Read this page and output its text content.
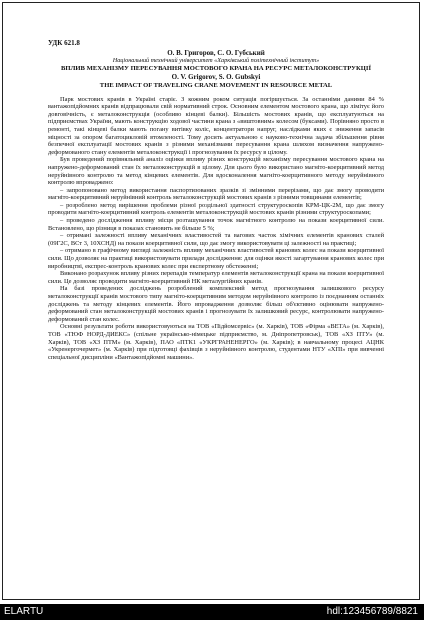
УДК 621.8
О. В. Григоров, С. О. Губський
Національний технічний університет «Харківський політехнічний інститут»
ВПЛИВ МЕХАНІЗМУ ПЕРЕСУВАННЯ МОСТОВОГО КРАНА НА РЕСУРС МЕТАЛОКОНСТРУКЦІЇ
O. V. Grigorov, S. O. Gubskyi
THE IMPACT OF TRAVELING CRANE MOVEMENT IN RESOURCE METAL

Парк мостових кранів в Україні старіє. З кожним роком ситуація погіршується. За останніми даними 84 % вантажопідйомних кранів відпрацювали свій нормативний строк. Основним елементом мостового крана, що лімітує його довговічність, є металоконструкція (особливо кінцеві балки). Більшість мостових кранів, що експлуатуються на підприємствах України, мають конструкцію ходової частини крана з «виштовним» колесом (буксами). Порівняно просто в ремонті, такі кінцеві балки мають погану витівку коліс, концентратори напруг, наслідками яких є зниження запасів міцності за опором багатоцикловій втомленості. Тому досить актуальною є науково-технічна задача збільшення рівня безпечної експлуатації мостових кранів з різними механізмами пересування крана шляхом визначення напружено-деформованого стану елементів металоконструкції і прогнозування їх ресурсу в цілому.

Був проведений порівняльний аналіз оцінки впливу різних конструкцій механізму пересування мостового крана на напружено-деформований стан їх металоконструкцій в цілому. Для цього було використано магніто-коерцитивний метод неруйнівного контролю та метод кінцевих елементів. Для вдосконалення магніто-коерцитивного методу неруйнівного контролю впроваджено:

– запропоновано метод використання паспортизованих зразків зі змінними перерізами, що дає змогу проводити магніто-коерцитивний неруйнівний контроль металоконструкцій мостових кранів з різними товщинами елементів;

– розроблено метод вирішення проблеми різної роздільної здатності структуроскопів КРМ-ЦК-2М, що дає змогу проводити магніто-коерцитивний контроль елементів металоконструкцій мостових кранів різними структуроскопами;

– проведено дослідження впливу місця розташування точок магнітного контролю на покази коерцитивної сили. Встановлено, що різниця в показах становить не більше 5 %;

– отримані залежності впливу механічних властивостей та вагових часток хімічних елементів кранових сталей (09Г2С, ВСт 3, 10ХСНД) на покази коерцитивної сили, що дає змогу використовувати ці залежності на практиці;

– отримано в графічному вигляді залежність впливу механічних властивостей кранових колес на покази коерцитивної сили. Що дозволяє на практиці використовувати прилади дослідження: для оцінки якості загартування кранових колес при виробництві, експрес-контроль кранових колес при експертному обстеженні;

Виконано розрахунок впливу різних перепадів температур елементів металоконструкції крана на покази коерцитивної сили. Це дозволяє проводити магніто-коерцитивний НК металургійних кранів.

На базі проведених досліджень розроблений комплексний метод прогнозування залишкового ресурсу металоконструкції кранів мостового типу магніто-коерцитивним методом неруйнівного контролю із поєднанням останніх досліджень та методу кінцевих елементів. Його впровадження дозволяє більш об'єктивно оцінювати напружено-деформований стан металоконструкцій мостових кранів і прогнозувати їх залишковий ресурс, контролювати напружено-деформований стан колес.

Основні результати роботи використовуються на ТОВ «Підйомсервіс» (м. Харків), ТОВ «Фірма «ВЕТА» (м. Харків), ТОВ «ТЮФ НОРД-ДИЕКС» (спільне українсько-німецьке підприємство, м. Дніпропетровськ), ТОВ «ХЗ ПТУ» (м. Харків), ТОВ «ХЗ ПТМ» (м. Харків), ПАО «ПТК1 «УКРГРАНЕНЕРГО» (м. Харків); в навчальному процесі АЦНК «Укренергочермет» (м. Харків) при підготовці фахівців з неруйнівного контролю, студентами НТУ «ХПІ» при вивченні спеціальної дисципліни «Вантажопідйомні машини».

ELARTU	hdl:123456789/8821
